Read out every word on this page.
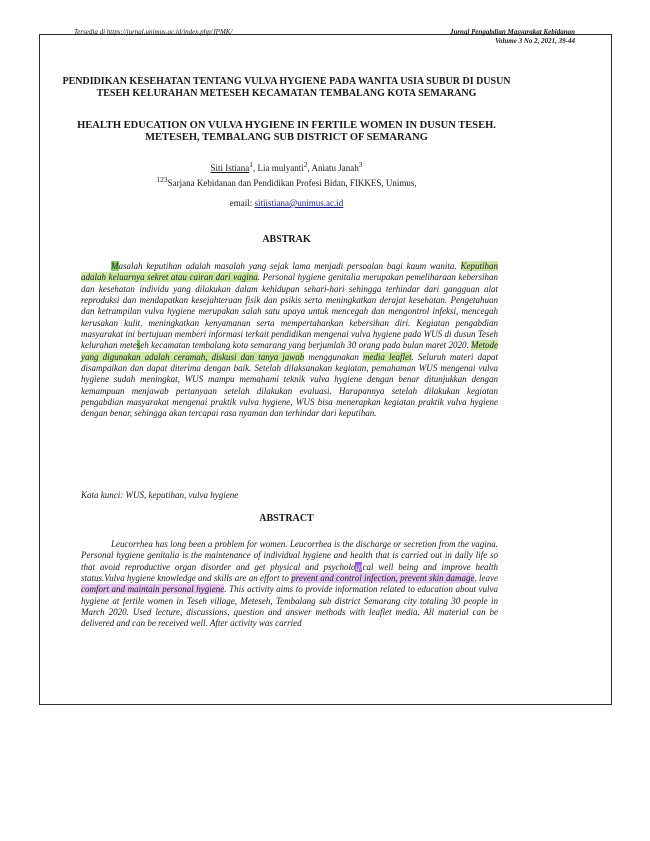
Tersedia di https://jurnal.unimus.ac.id/index.php/JPMK/	Jurnal Pengabdian Masyarakat Kebidanan
Volume 3 No 2, 2021, 39-44
PENDIDIKAN KESEHATAN TENTANG VULVA HYGIENE PADA WANITA USIA SUBUR DI DUSUN TESEH KELURAHAN METESEH KECAMATAN TEMBALANG KOTA SEMARANG
HEALTH EDUCATION ON VULVA HYGIENE IN FERTILE WOMEN IN DUSUN TESEH. METESEH, TEMBALANG SUB DISTRICT OF SEMARANG
Siti Istiana$^1$, Lia mulyanti$^2$, Aniatu Janah$^3$
$^{123}$Sarjana Kebidanan dan Pendidikan Profesi Bidan, FIKKES, Unimus,
email: sitiistiana@unimus.ac.id
ABSTRAK
Masalah keputihan adalah masalah yang sejak lama menjadi persoalan bagi kaum wanita. Keputihan adalah keluarnya sekret atau cairan dari vagina. Personal hygiene genitalia merupakan pemeliharaan kebersihan dan kesehatan individu yang dilakukan dalam kehidupan sehari-hari sehingga terhindar dari gangguan alat reproduksi dan mendapatkan kesejahteraan fisik dan psikis serta meningkatkan derajat kesehatan. Pengetahuan dan ketrampilan vulva hygiene merupakan salah satu upaya untuk mencegah dan mengontrol infeksi, mencegah kerusakan kulit, meningkatkan kenyamanan serta mempertahankan kebersihan diri. Kegiatan pengabdian masyarakat ini bertujuan memberi informasi terkait pendidikan mengenai vulva hygiene pada WUS di dusun Teseh kelurahan meteseh kecamatan tembalang kota semarang yang berjumlah 30 orang pada bulan maret 2020. Metode yang digunakan adalah ceramah, diskusi dan tanya jawab menggunakan media leaflet. Seluruh materi dapat disampaikan dan dapat diterima dengan baik. Setelah dilaksanakan kegiatan, pemahaman WUS mengenai vulva hygiene sudah meningkat, WUS mampu memahami teknik vulva hygiene dengan benar ditunjukkan dengan kemampuan menjawab pertanyaan setelah dilakukan evaluasi. Harapannya setelah dilakukan kegiatan pengabdian masyarakat mengenai praktik vulva hygiene, WUS bisa menerapkan kegiatan praktik vulva hygiene dengan benar, sehingga akan tercapai rasa nyaman dan terhindar dari keputihan.
Kata kunci: WUS, keputihan, vulva hygiene
ABSTRACT
Leucorrhea has long been a problem for women. Leucorrhea is the discharge or secretion from the vagina. Personal hygiene genitalia is the maintenance of individual hygiene and health that is carried out in daily life so that avoid reproductive organ disorder and get physical and psychological well being and improve health status.Vulva hygiene knowledge and skills are an effort to prevent and control infection, prevent skin damage, leave comfort and maintain personal hygiene. This activity aims to provide information related to education about vulva hygiene at fertile women in Teseh village, Meteseh, Tembalang sub district Semarang city totaling 30 people in March 2020. Used lecture, discussions, question and answer methods with leaflet media. All material can be delivered and can be received well. After activity was carried
